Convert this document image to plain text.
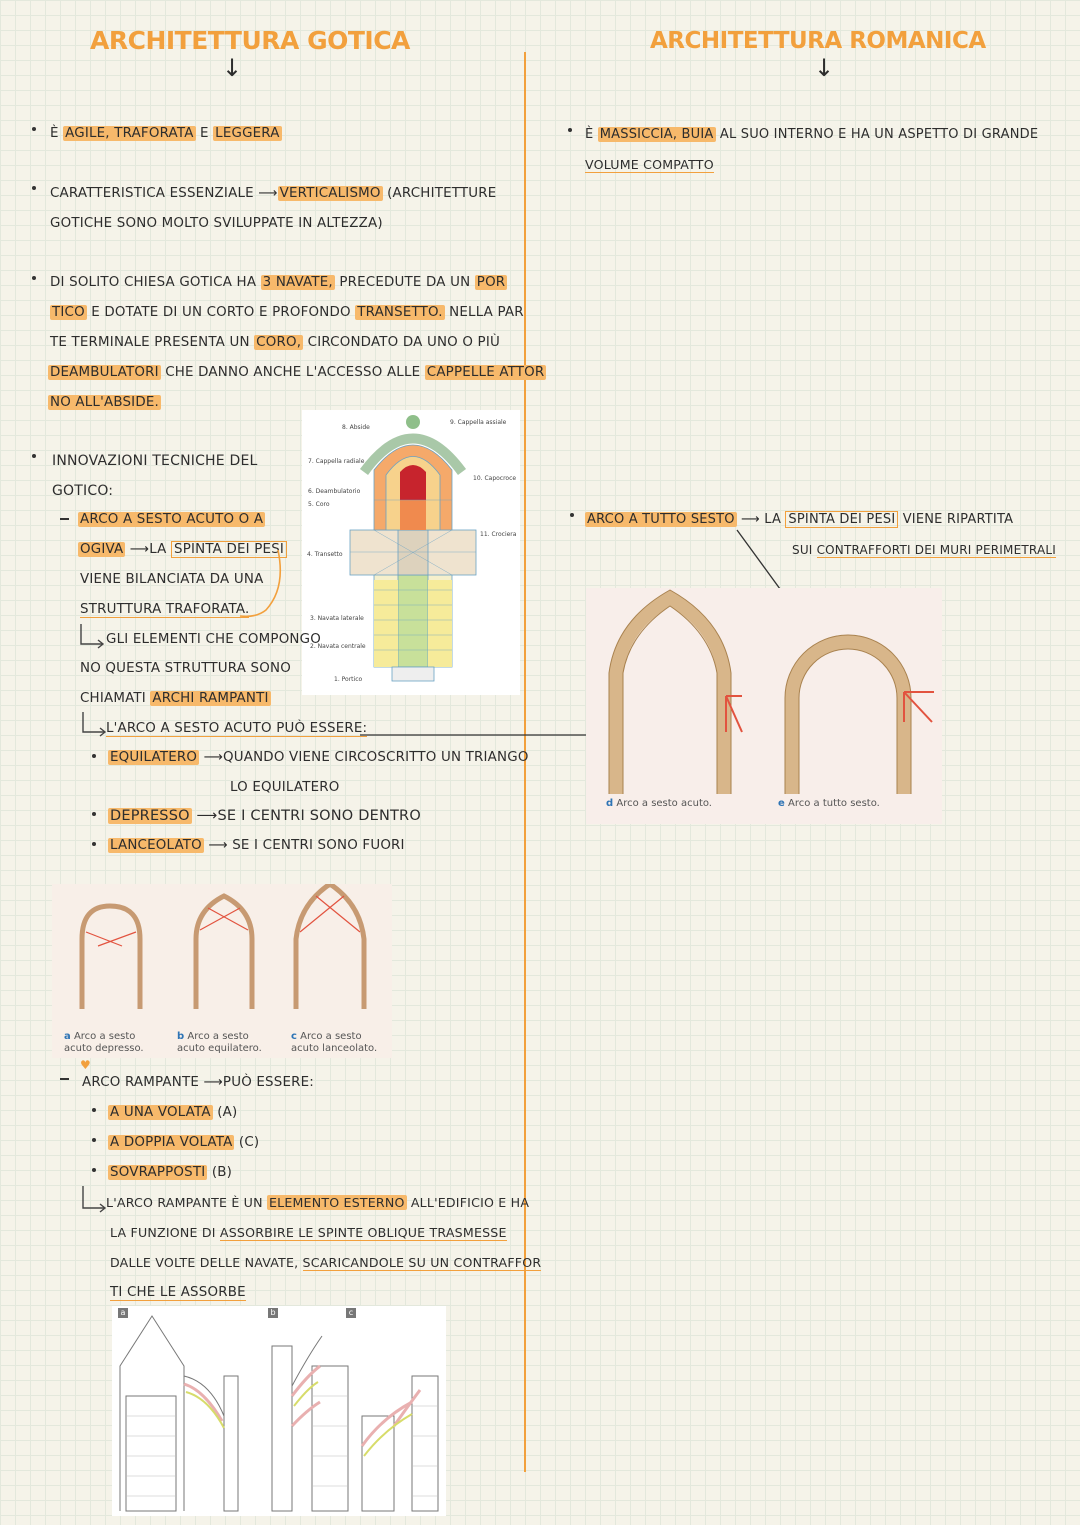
ARCHITETTURA GOTICA
↓
È AGILE, TRAFORATA E LEGGERA
CARATTERISTICA ESSENZIALE ⟶ VERTICALISMO (ARCHITETTURE
GOTICHE SONO MOLTO SVILUPPATE IN ALTEZZA)
DI SOLITO CHIESA GOTICA HA 3 NAVATE, PRECEDUTE DA UN POR
TICO E DOTATE DI UN CORTO E PROFONDO TRANSETTO. NELLA PAR
TE TERMINALE PRESENTA UN CORO, CIRCONDATO DA UNO O PIÙ
DEAMBULATORI CHE DANNO ANCHE L'ACCESSO ALLE CAPPELLE ATTOR
NO ALL'ABSIDE.
8. Abside
9. Cappella assiale
7. Cappella radiale
10. Capocroce
6. Deambulatorio
5. Coro
11. Crociera
4. Transetto
3. Navata laterale
2. Navata centrale
1. Portico
INNOVAZIONI TECNICHE DEL
GOTICO:
ARCO A SESTO ACUTO O A
OGIVA ⟶LA SPINTA DEI PESI
VIENE BILANCIATA DA UNA
STRUTTURA TRAFORATA.
GLI ELEMENTI CHE COMPONGO
NO QUESTA STRUTTURA SONO
CHIAMATI ARCHI RAMPANTI
L'ARCO A SESTO ACUTO PUÒ ESSERE:
EQUILATERO ⟶QUANDO VIENE CIRCOSCRITTO UN TRIANGO
LO EQUILATERO
DEPRESSO ⟶SE I CENTRI SONO DENTRO
LANCEOLATO ⟶ SE I CENTRI SONO FUORI
a Arco a sesto acuto depresso.
b Arco a sesto acuto equilatero.
c Arco a sesto acuto lanceolato.
♥
ARCO RAMPANTE ⟶PUÒ ESSERE:
A UNA VOLATA (A)
A DOPPIA VOLATA (C)
SOVRAPPOSTI (B)
L'ARCO RAMPANTE È UN ELEMENTO ESTERNO ALL'EDIFICIO E HA
LA FUNZIONE DI ASSORBIRE LE SPINTE OBLIQUE TRASMESSE
DALLE VOLTE DELLE NAVATE, SCARICANDOLE SU UN CONTRAFFOR
TI CHE LE ASSORBE
a	b	c
ARCHITETTURA ROMANICA
↓
È MASSICCIA, BUIA AL SUO INTERNO E HA UN ASPETTO DI GRANDE
VOLUME COMPATTO
ARCO A TUTTO SESTO ⟶ LA SPINTA DEI PESI VIENE RIPARTITA
SUI CONTRAFFORTI DEI MURI PERIMETRALI
d Arco a sesto acuto.	e Arco a tutto sesto.
